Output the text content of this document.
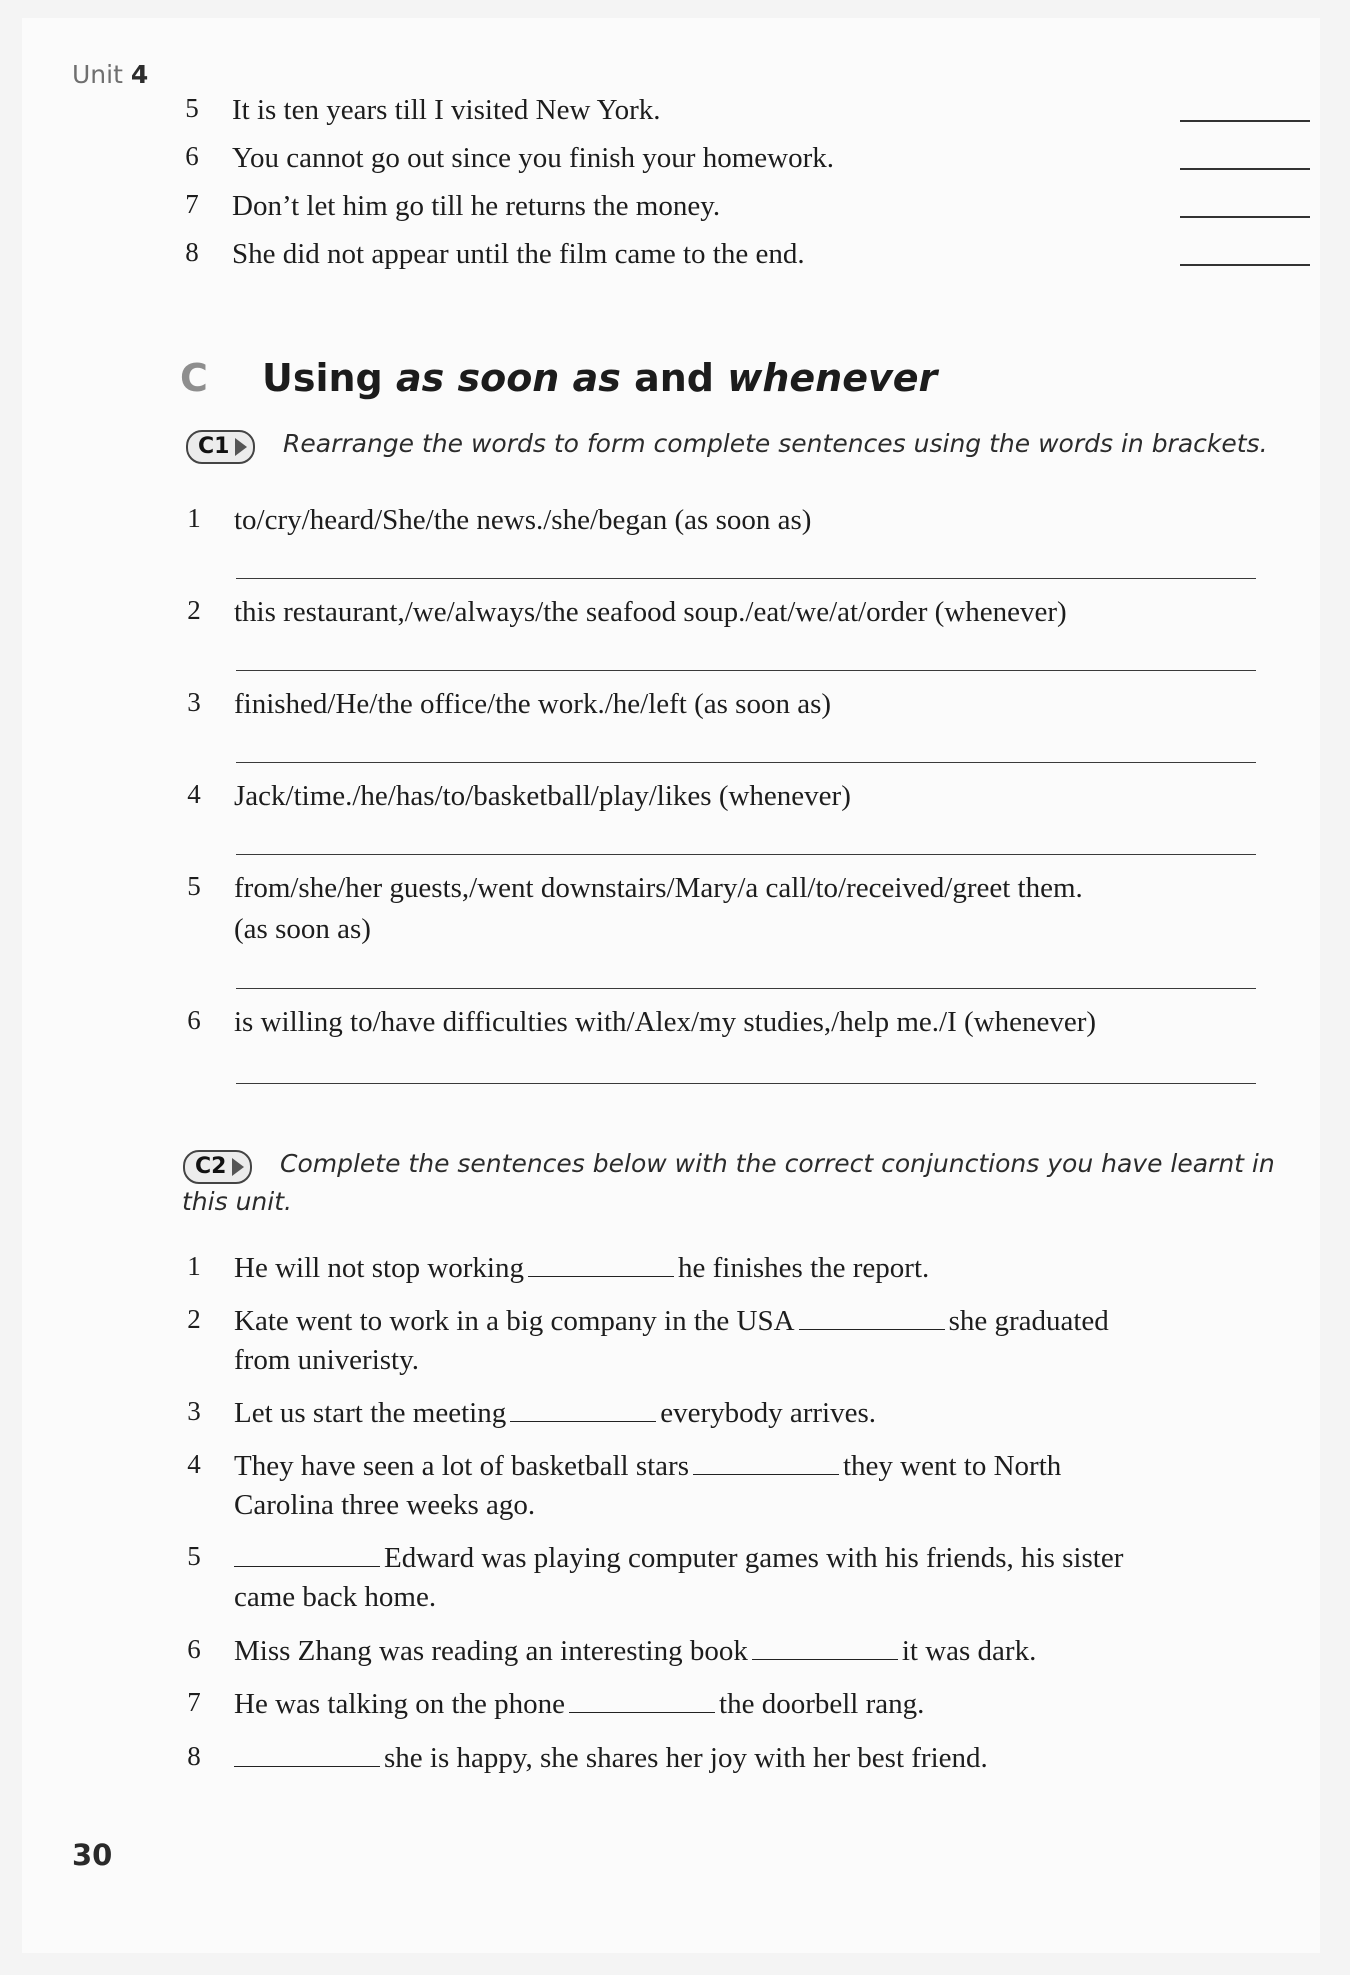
Unit 4
5	It is ten years till I visited New York.
6	You cannot go out since you finish your homework.
7	Don’t let him go till he returns the money.
8	She did not appear until the film came to the end.
C Using as soon as and whenever
C1	Rearrange the words to form complete sentences using the words in brackets.
1	to/cry/heard/She/the news./she/began (as soon as)
2	this restaurant,/we/always/the seafood soup./eat/we/at/order (whenever)
3	finished/He/the office/the work./he/left (as soon as)
4	Jack/time./he/has/to/basketball/play/likes (whenever)
5	from/she/her guests,/went downstairs/Mary/a call/to/received/greet them.
(as soon as)
6	is willing to/have difficulties with/Alex/my studies,/help me./I (whenever)
C2	Complete the sentences below with the correct conjunctions you have learnt in
this unit.
1	He will not stop working	he finishes the report.
2	Kate went to work in a big company in the USA	she graduated
from univeristy.
3	Let us start the meeting	everybody arrives.
4	They have seen a lot of basketball stars	they went to North
Carolina three weeks ago.
5	Edward was playing computer games with his friends, his sister
came back home.
6	Miss Zhang was reading an interesting book	it was dark.
7	He was talking on the phone	the doorbell rang.
8	she is happy, she shares her joy with her best friend.
30
